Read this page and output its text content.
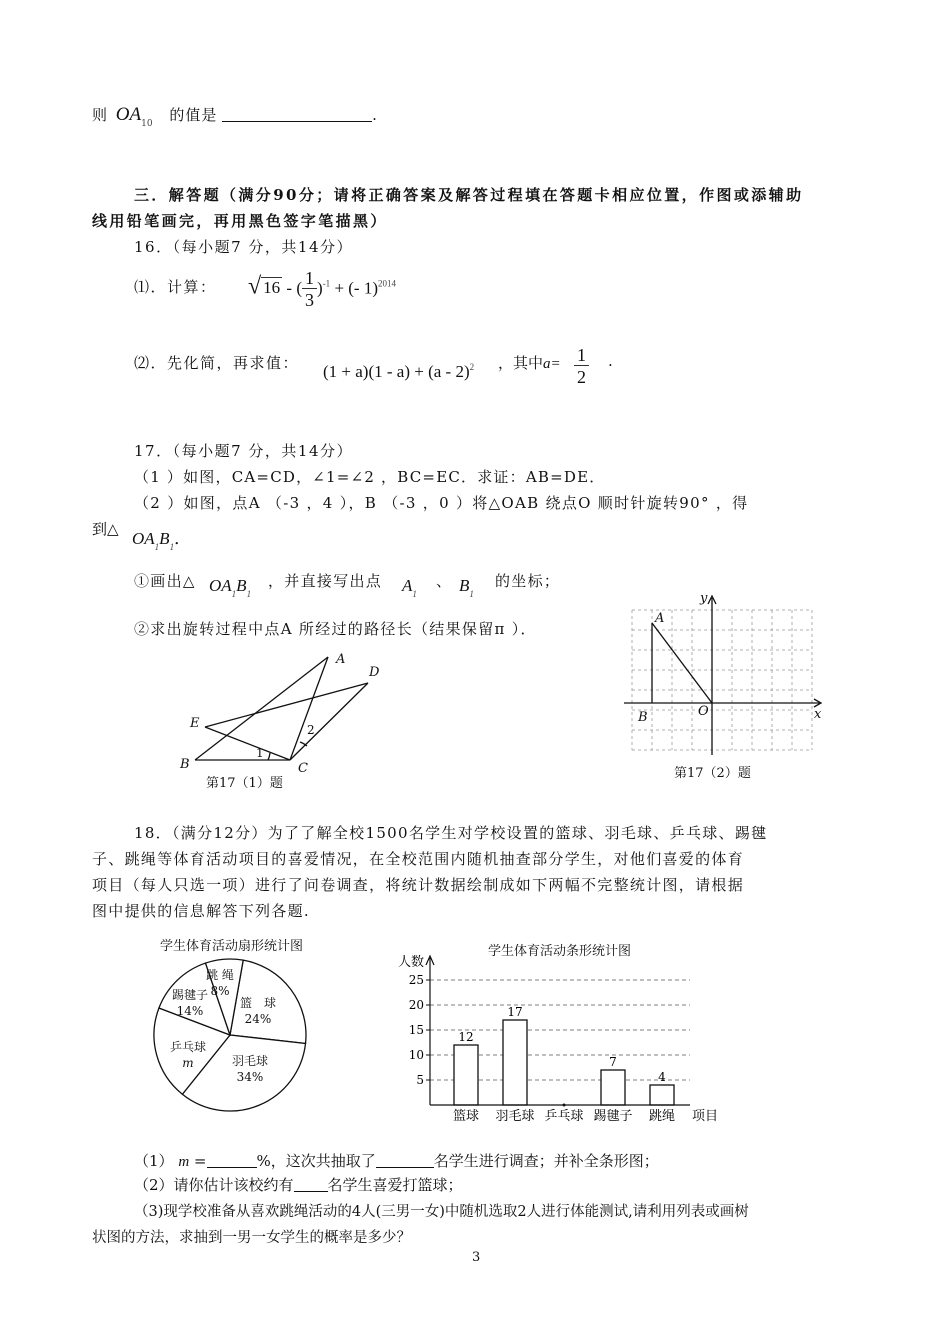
则 $OA_{10}$ 的值是	.
三．解答题（满分90分；请将正确答案及解答过程填在答题卡相应位置，作图或添辅助
线用铅笔画完，再用黑色签字笔描黑）
16．（每小题7 分，共14分）
⑴．计算： √ 16 - ( $\frac{1}{3} )^{-1}$ + (- 1)$^{2014}$
⑵．先化简，再求值： (1 + a)(1 - a) + (a - 2)$^2$ ，其中$a= \frac{1}{2}$ .
17．（每小题7 分，共14分）
（1 ）如图，CA=CD，∠1=∠2 ，BC=EC．求证：AB=DE．
（2 ）如图，点A （-3 ，4 ），B （-3 ，0 ）将△OAB 绕点O 顺时针旋转90° ，得
到△ $OA_1B_1$．
①画出△ $OA_1B_1$
，并直接写出点 $A_1$
、 $B_1$
的坐标；
②求出旋转过程中点A 所经过的路径长（结果保留π ）．
A
D
E
B	C
1
2
第17（1）题
A
B	O	x
y
第17（2）题
18．（满分12分）为了了解全校1500名学生对学校设置的篮球、羽毛球、乒乓球、踢毽
子、跳绳等体育活动项目的喜爱情况，在全校范围内随机抽查部分学生，对他们喜爱的体育
项目（每人只选一项）进行了问卷调查，将统计数据绘制成如下两幅不完整统计图，请根据
图中提供的信息解答下列各题.
学生体育活动扇形统计图
篮　球
24%
羽毛球
34%
乒乓球
m
踢毽子
14%
跳 绳
8%
学生体育活动条形统计图
人数
5
10
15
20
25
12
篮球
17
羽毛球 乒乓球
7
踢毽子
4
跳绳 项目
（1） m =	%，这次共抽取了	名学生进行调查；并补全条形图；
（2）请你估计该校约有 名学生喜爱打篮球；
（3)现学校准备从喜欢跳绳活动的4人(三男一女)中随机选取2人进行体能测试,请利用列表或画树
状图的方法，求抽到一男一女学生的概率是多少？
3
